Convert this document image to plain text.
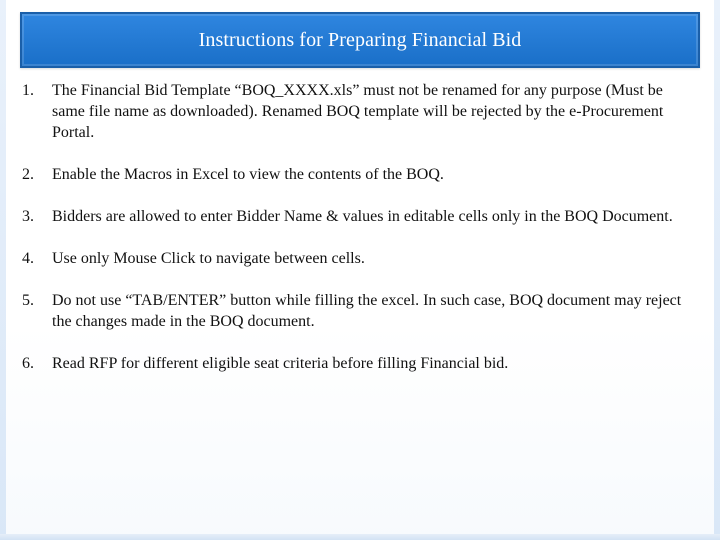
Instructions for Preparing Financial Bid
1.	The Financial Bid Template “BOQ_XXXX.xls” must not be renamed for any purpose (Must be same file name as downloaded). Renamed BOQ template will be rejected by the e-Procurement Portal.
2.	Enable the Macros in Excel to view the contents of the BOQ.
3.	Bidders are allowed to enter Bidder Name & values in editable cells only in the BOQ Document.
4.	Use only Mouse Click to navigate between cells.
5.	Do not use “TAB/ENTER” button while filling the excel. In such case, BOQ document may reject the changes made in the BOQ document.
6.	Read RFP for different eligible seat criteria before filling Financial bid.
